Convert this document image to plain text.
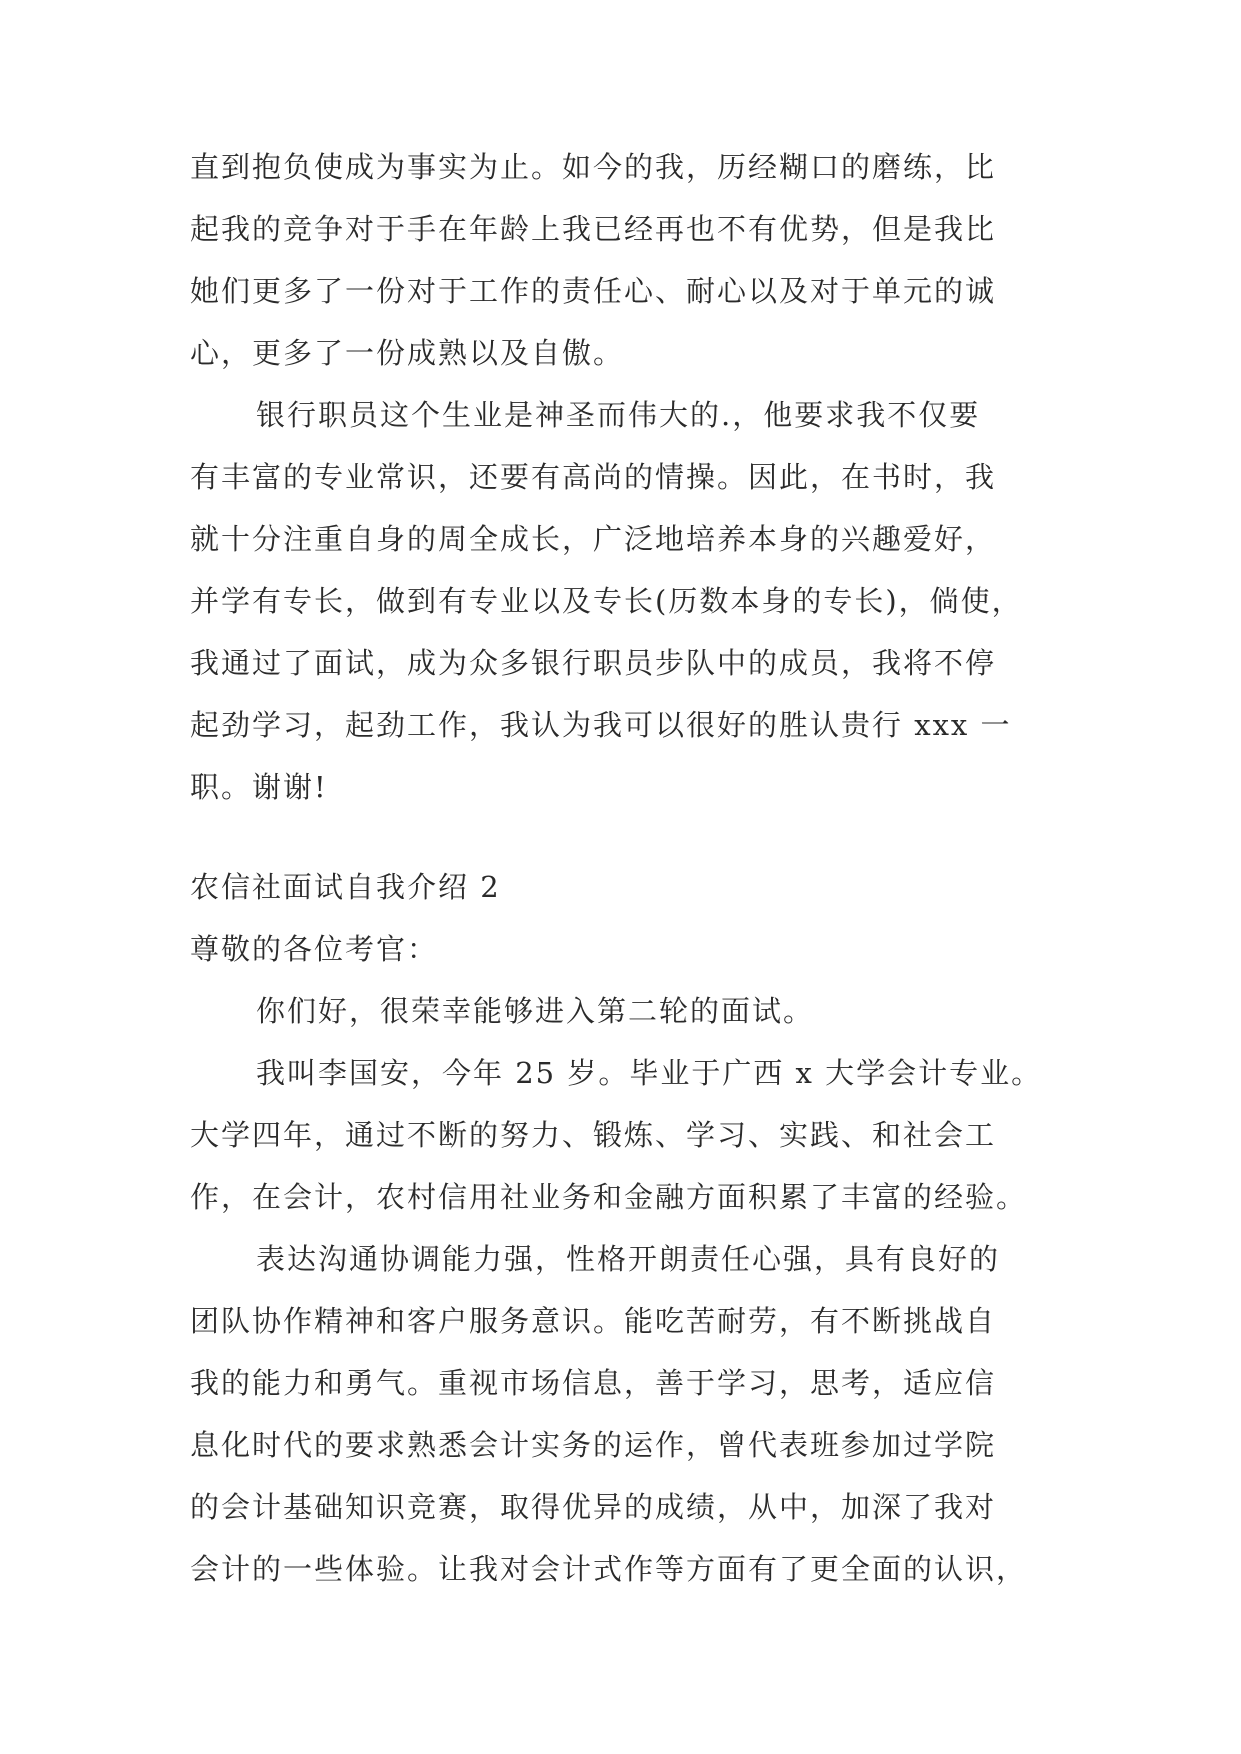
直到抱负使成为事实为止。如今的我，历经糊口的磨练，比
起我的竞争对于手在年龄上我已经再也不有优势，但是我比
她们更多了一份对于工作的责任心、耐心以及对于单元的诚
心，更多了一份成熟以及自傲。
银行职员这个生业是神圣而伟大的.，他要求我不仅要
有丰富的专业常识，还要有高尚的情操。因此，在书时，我
就十分注重自身的周全成长，广泛地培养本身的兴趣爱好，
并学有专长，做到有专业以及专长(历数本身的专长)，倘使，
我通过了面试，成为众多银行职员步队中的成员，我将不停
起劲学习，起劲工作，我认为我可以很好的胜认贵行 xxx 一
职。谢谢!
农信社面试自我介绍 2
尊敬的各位考官：
你们好，很荣幸能够进入第二轮的面试。
我叫李国安，今年 25 岁。毕业于广西 x 大学会计专业。
大学四年，通过不断的努力、锻炼、学习、实践、和社会工
作，在会计，农村信用社业务和金融方面积累了丰富的经验。
表达沟通协调能力强，性格开朗责任心强，具有良好的
团队协作精神和客户服务意识。能吃苦耐劳，有不断挑战自
我的能力和勇气。重视市场信息，善于学习，思考，适应信
息化时代的要求熟悉会计实务的运作，曾代表班参加过学院
的会计基础知识竞赛，取得优异的成绩，从中，加深了我对
会计的一些体验。让我对会计式作等方面有了更全面的认识，
